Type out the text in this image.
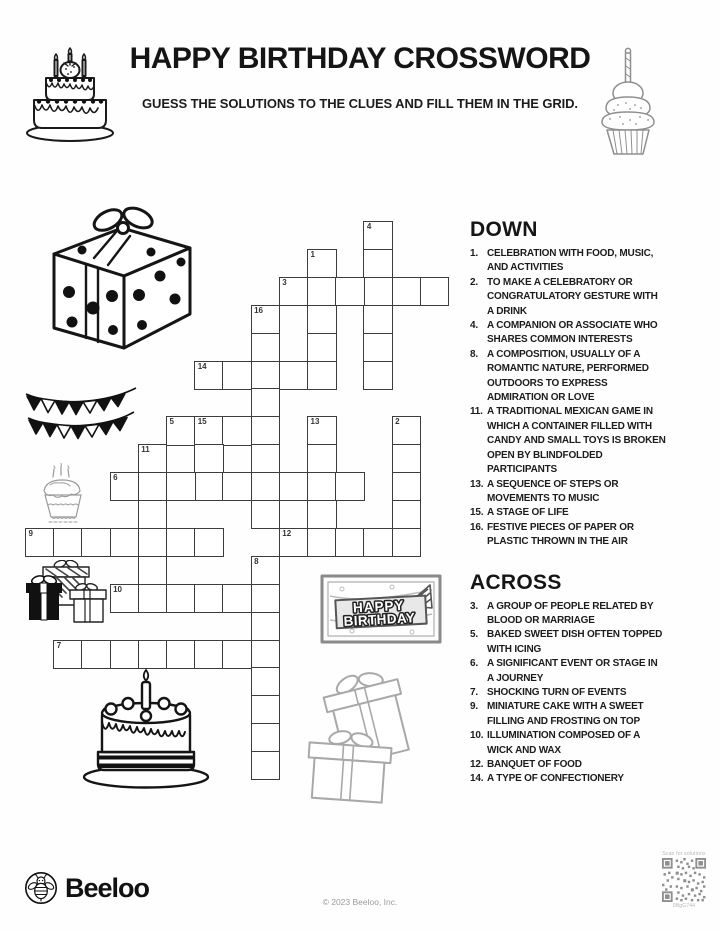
HAPPY BIRTHDAY CROSSWORD
GUESS THE SOLUTIONS TO THE CLUES AND FILL THEM IN THE GRID.
HAPPY
BIRTHDAY
4
1
3
16
14
5	15	13	2
11
6
9	12
8
10
7
DOWN
1. CELEBRATION WITH FOOD, MUSIC, AND ACTIVITIES
2. TO MAKE A CELEBRATORY OR CONGRATULATORY GESTURE WITH A DRINK
4. A COMPANION OR ASSOCIATE WHO SHARES COMMON INTERESTS
8. A COMPOSITION, USUALLY OF A ROMANTIC NATURE, PERFORMED OUTDOORS TO EXPRESS ADMIRATION OR LOVE
11. A TRADITIONAL MEXICAN GAME IN WHICH A CONTAINER FILLED WITH CANDY AND SMALL TOYS IS BROKEN OPEN BY BLINDFOLDED PARTICIPANTS
13. A SEQUENCE OF STEPS OR MOVEMENTS TO MUSIC
15. A STAGE OF LIFE
16. FESTIVE PIECES OF PAPER OR PLASTIC THROWN IN THE AIR
ACROSS
3. A GROUP OF PEOPLE RELATED BY BLOOD OR MARRIAGE
5. BAKED SWEET DISH OFTEN TOPPED WITH ICING
6. A SIGNIFICANT EVENT OR STAGE IN A JOURNEY
7. SHOCKING TURN OF EVENTS
9. MINIATURE CAKE WITH A SWEET FILLING AND FROSTING ON TOP
10. ILLUMINATION COMPOSED OF A WICK AND WAX
12. BANQUET OF FOOD
14. A TYPE OF CONFECTIONERY
Beeloo	© 2023 Beeloo, Inc.
Scan for solutions
0BgG744
